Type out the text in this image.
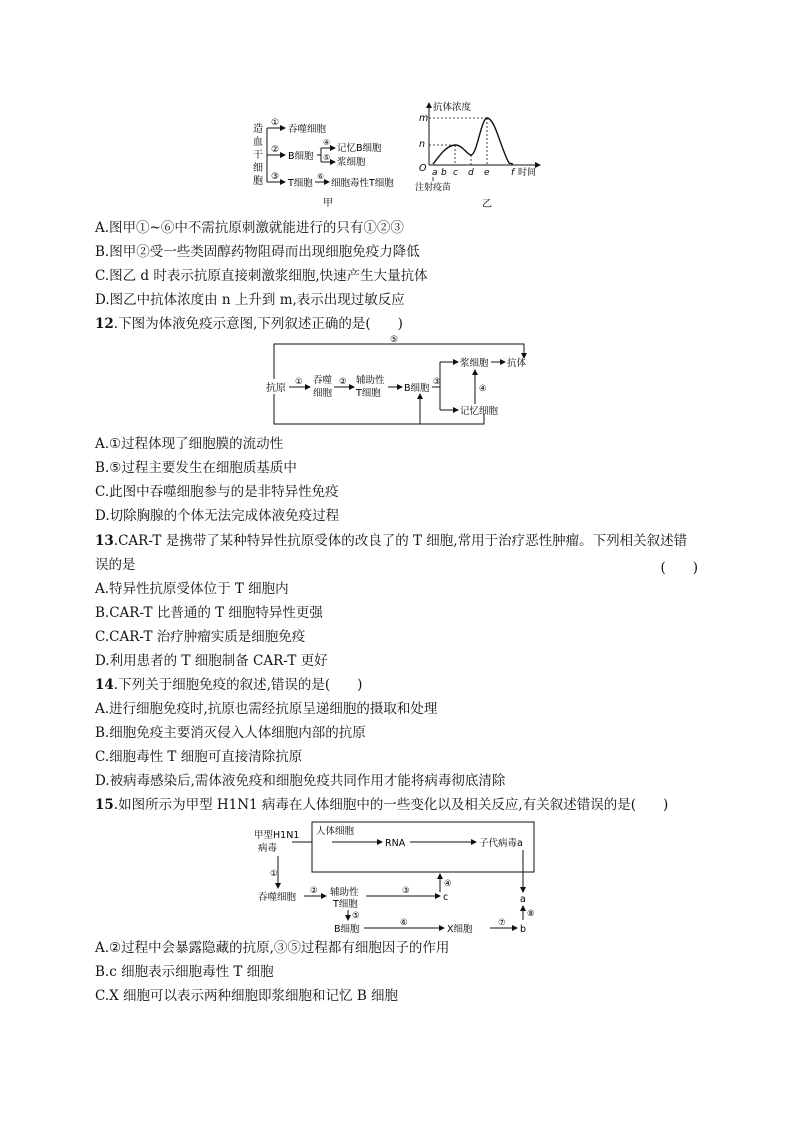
造
血
干
细
胞
①
②
③
吞噬细胞
B细胞
④
⑤
记忆B细胞
浆细胞
T细胞
⑥
细胞毒性T细胞
甲
抗体浓度
m
n
O a b c d e f 时间
注射疫苗
乙
A.图甲①~⑥中不需抗原刺激就能进行的只有①②③
B.图甲②受一些类固醇药物阻碍而出现细胞免疫力降低
C.图乙 d 时表示抗原直接刺激浆细胞,快速产生大量抗体
D.图乙中抗体浓度由 n 上升到 m,表示出现过敏反应
12.下图为体液免疫示意图,下列叙述正确的是(　　)
⑤
抗原
① 吞噬
细胞
② 辅助性
T细胞 B细胞
③
浆细胞 抗体
④
记忆细胞
A.①过程体现了细胞膜的流动性
B.⑤过程主要发生在细胞质基质中
C.此图中吞噬细胞参与的是非特异性免疫
D.切除胸腺的个体无法完成体液免疫过程
13.CAR-T 是携带了某种特异性抗原受体的改良了的 T 细胞,常用于治疗恶性肿瘤。下列相关叙述错
误的是	(　　)
A.特异性抗原受体位于 T 细胞内
B.CAR-T 比普通的 T 细胞特异性更强
C.CAR-T 治疗肿瘤实质是细胞免疫
D.利用患者的 T 细胞制备 CAR-T 更好
14.下列关于细胞免疫的叙述,错误的是(　　)
A.进行细胞免疫时,抗原也需经抗原呈递细胞的摄取和处理
B.细胞免疫主要消灭侵入人体细胞内部的抗原
C.细胞毒性 T 细胞可直接清除抗原
D.被病毒感染后,需体液免疫和细胞免疫共同作用才能将病毒彻底清除
15.如图所示为甲型 H1N1 病毒在人体细胞中的一些变化以及相关反应,有关叙述错误的是(　　)
人体细胞
甲型H1N1
病毒	RNA	子代病毒a
①
吞噬细胞
② 辅助性
T细胞
③
c
④
⑤
B细胞
⑥
X细胞
⑦
b
a
⑧
A.②过程中会暴露隐藏的抗原,③⑤过程都有细胞因子的作用
B.c 细胞表示细胞毒性 T 细胞
C.X 细胞可以表示两种细胞即浆细胞和记忆 B 细胞
